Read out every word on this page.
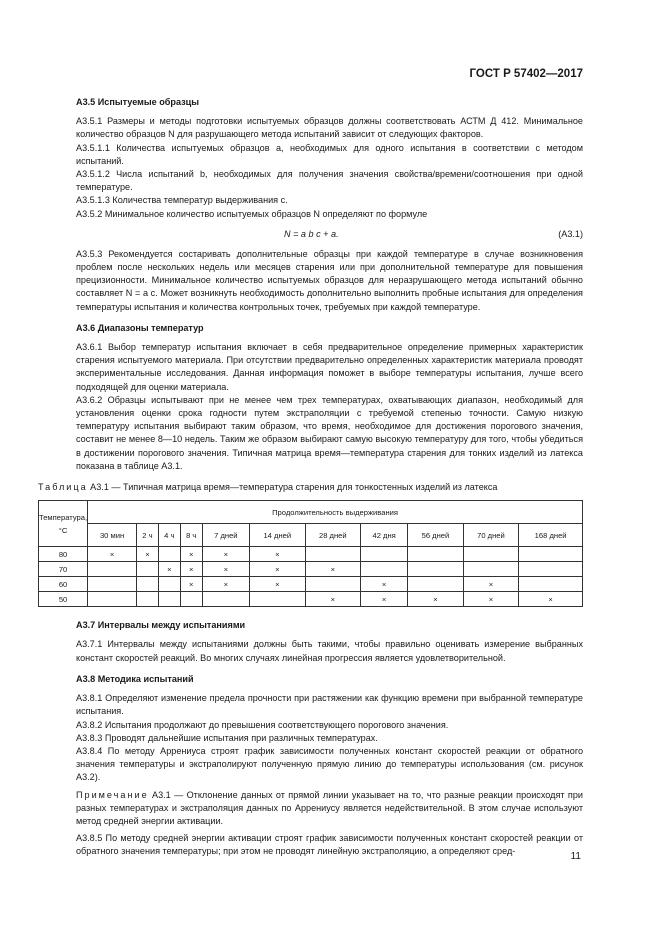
ГОСТ Р 57402—2017

А3.5 Испытуемые образцы

А3.5.1 Размеры и методы подготовки испытуемых образцов должны соответствовать АСТМ Д 412. Минимальное количество образцов N для разрушающего метода испытаний зависит от следующих факторов.

А3.5.1.1 Количества испытуемых образцов a, необходимых для одного испытания в соответствии с методом испытаний.

А3.5.1.2 Числа испытаний b, необходимых для получения значения свойства/времени/соотношения при одной температуре.

А3.5.1.3 Количества температур выдерживания c.

А3.5.2 Минимальное количество испытуемых образцов N определяют по формуле

N = a b c + a.	(А3.1)

А3.5.3 Рекомендуется состаривать дополнительные образцы при каждой температуре в случае возникновения проблем после нескольких недель или месяцев старения или при дополнительной температуре для повышения прецизионности. Минимальное количество испытуемых образцов для неразрушающего метода испытаний обычно составляет N = a c. Может возникнуть необходимость дополнительно выполнить пробные испытания для определения температуры испытания и количества контрольных точек, требуемых при каждой температуре.

А3.6 Диапазоны температур

А3.6.1 Выбор температур испытания включает в себя предварительное определение примерных характеристик старения испытуемого материала. При отсутствии предварительно определенных характеристик материала проводят экспериментальные исследования. Данная информация поможет в выборе температуры испытания, лучше всего подходящей для оценки материала.

А3.6.2 Образцы испытывают при не менее чем трех температурах, охватывающих диапазон, необходимый для установления оценки срока годности путем экстраполяции с требуемой степенью точности. Самую низкую температуру испытания выбирают таким образом, что время, необходимое для достижения порогового значения, составит не менее 8—10 недель. Таким же образом выбирают самую высокую температуру для того, чтобы убедиться в достижении порогового значения. Типичная матрица время—температура старения для тонких изделий из латекса показана в таблице А3.1.

Таблица А3.1 — Типичная матрица время—температура старения для тонкостенных изделий из латекса

Температура, °С	Продолжительность выдерживания										
	30 мин	2 ч	4 ч	8 ч	7 дней	14 дней	28 дней	42 дня	56 дней	70 дней	168 дней
80	×	×		×	×	×					
70			×	×	×	×	×				
60				×	×	×		×		×	
50							×	×	×	×	×

А3.7 Интервалы между испытаниями

А3.7.1 Интервалы между испытаниями должны быть такими, чтобы правильно оценивать измерение выбранных констант скоростей реакций. Во многих случаях линейная прогрессия является удовлетворительной.

А3.8 Методика испытаний

А3.8.1 Определяют изменение предела прочности при растяжении как функцию времени при выбранной температуре испытания.

А3.8.2 Испытания продолжают до превышения соответствующего порогового значения.

А3.8.3 Проводят дальнейшие испытания при различных температурах.

А3.8.4 По методу Аррениуса строят график зависимости полученных констант скоростей реакции от обратного значения температуры и экстраполируют полученную прямую линию до температуры использования (см. рисунок А3.2).

Примечание А3.1 — Отклонение данных от прямой линии указывает на то, что разные реакции происходят при разных температурах и экстраполяция данных по Аррениусу является недействительной. В этом случае используют метод средней энергии активации.

А3.8.5 По методу средней энергии активации строят график зависимости полученных констант скоростей реакции от обратного значения температуры; при этом не проводят линейную экстраполяцию, а определяют сред-	11
